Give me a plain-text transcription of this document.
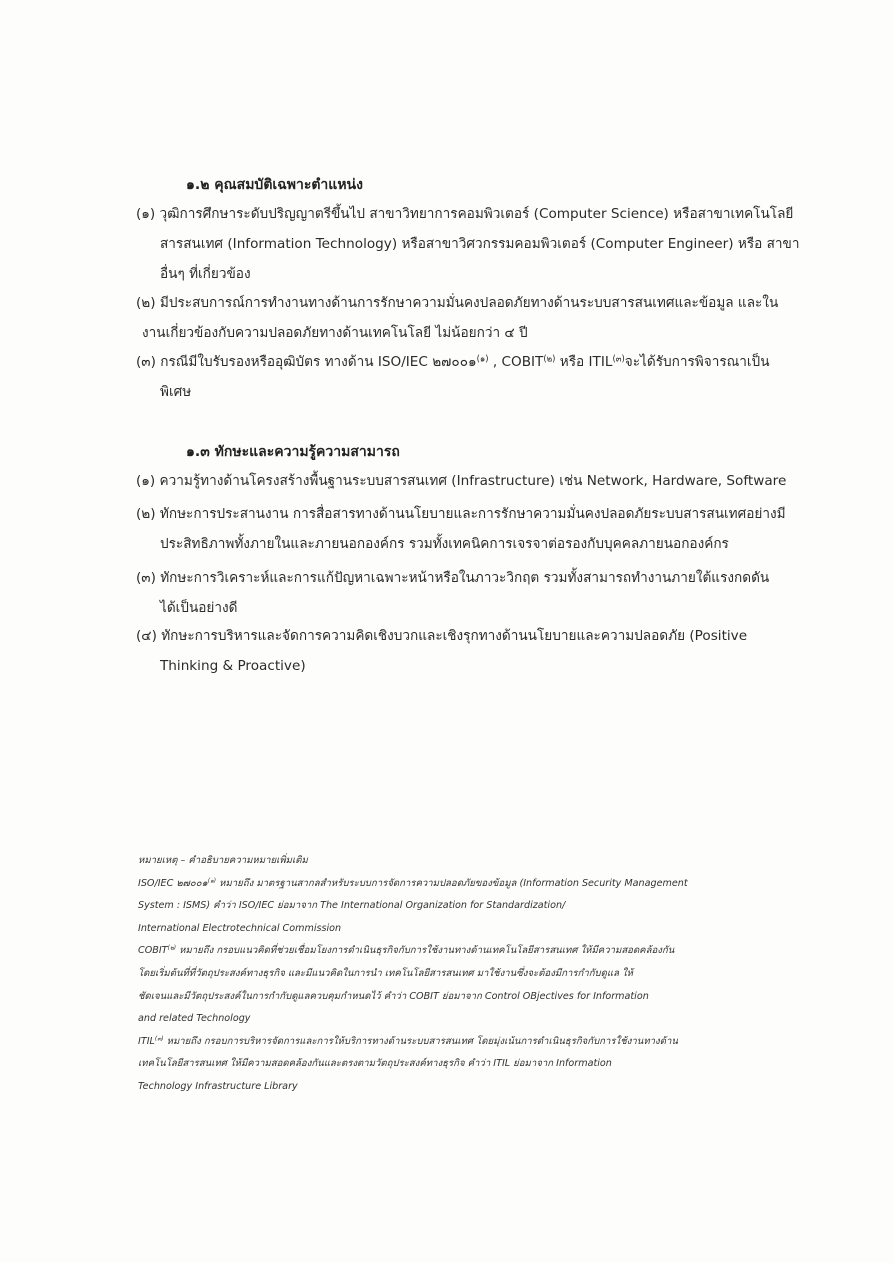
๑.๒ คุณสมบัติเฉพาะตำแหน่ง
(๑) วุฒิการศึกษาระดับปริญญาตรีขึ้นไป สาขาวิทยาการคอมพิวเตอร์ (Computer Science) หรือสาขาเทคโนโลยี
สารสนเทศ (Information Technology) หรือสาขาวิศวกรรมคอมพิวเตอร์ (Computer Engineer) หรือ สาขา
อื่นๆ ที่เกี่ยวข้อง
(๒) มีประสบการณ์การทำงานทางด้านการรักษาความมั่นคงปลอดภัยทางด้านระบบสารสนเทศและข้อมูล และใน
งานเกี่ยวข้องกับความปลอดภัยทางด้านเทคโนโลยี ไม่น้อยกว่า ๔ ปี
(๓) กรณีมีใบรับรองหรืออุฒิบัตร ทางด้าน ISO/IEC ๒๗๐๐๑$^{(๑)}$ , COBIT$^{(๒)}$ หรือ ITIL$^{(๓)}$จะได้รับการพิจารณาเป็น
พิเศษ
๑.๓ ทักษะและความรู้ความสามารถ
(๑) ความรู้ทางด้านโครงสร้างพื้นฐานระบบสารสนเทศ (Infrastructure) เช่น Network, Hardware, Software
(๒) ทักษะการประสานงาน การสื่อสารทางด้านนโยบายและการรักษาความมั่นคงปลอดภัยระบบสารสนเทศอย่างมี
ประสิทธิภาพทั้งภายในและภายนอกองค์กร รวมทั้งเทคนิคการเจรจาต่อรองกับบุคคลภายนอกองค์กร
(๓) ทักษะการวิเคราะห์และการแก้ปัญหาเฉพาะหน้าหรือในภาวะวิกฤต รวมทั้งสามารถทำงานภายใต้แรงกดดัน
ได้เป็นอย่างดี
(๔) ทักษะการบริหารและจัดการความคิดเชิงบวกและเชิงรุกทางด้านนโยบายและความปลอดภัย (Positive
Thinking & Proactive)
หมายเหตุ – คำอธิบายความหมายเพิ่มเติม
ISO/IEC ๒๗๐๐๑$^{(๑)}$ หมายถึง มาตรฐานสากลสำหรับระบบการจัดการความปลอดภัยของข้อมูล (Information Security Management
System : ISMS) คำว่า ISO/IEC ย่อมาจาก The International Organization for Standardization/
International Electrotechnical Commission
COBIT$^{(๒)}$ หมายถึง กรอบแนวคิดที่ช่วยเชื่อมโยงการดำเนินธุรกิจกับการใช้งานทางด้านเทคโนโลยีสารสนเทศ ให้มีความสอดคล้องกัน
โดยเริ่มต้นที่ที่วัตถุประสงค์ทางธุรกิจ และมีแนวคิดในการนำ เทคโนโลยีสารสนเทศ มาใช้งานซึ่งจะต้องมีการกำกับดูแล ให้
ชัดเจนและมีวัตถุประสงค์ในการกำกับดูแลควบคุมกำหนดไว้ คำว่า COBIT ย่อมาจาก Control OBjectives for Information
and related Technology
ITIL$^{(๓)}$ หมายถึง กรอบการบริหารจัดการและการให้บริการทางด้านระบบสารสนเทศ โดยมุ่งเน้นการดำเนินธุรกิจกับการใช้งานทางด้าน
เทคโนโลยีสารสนเทศ ให้มีความสอดคล้องกันและตรงตามวัตถุประสงค์ทางธุรกิจ คำว่า ITIL ย่อมาจาก Information
Technology Infrastructure Library
